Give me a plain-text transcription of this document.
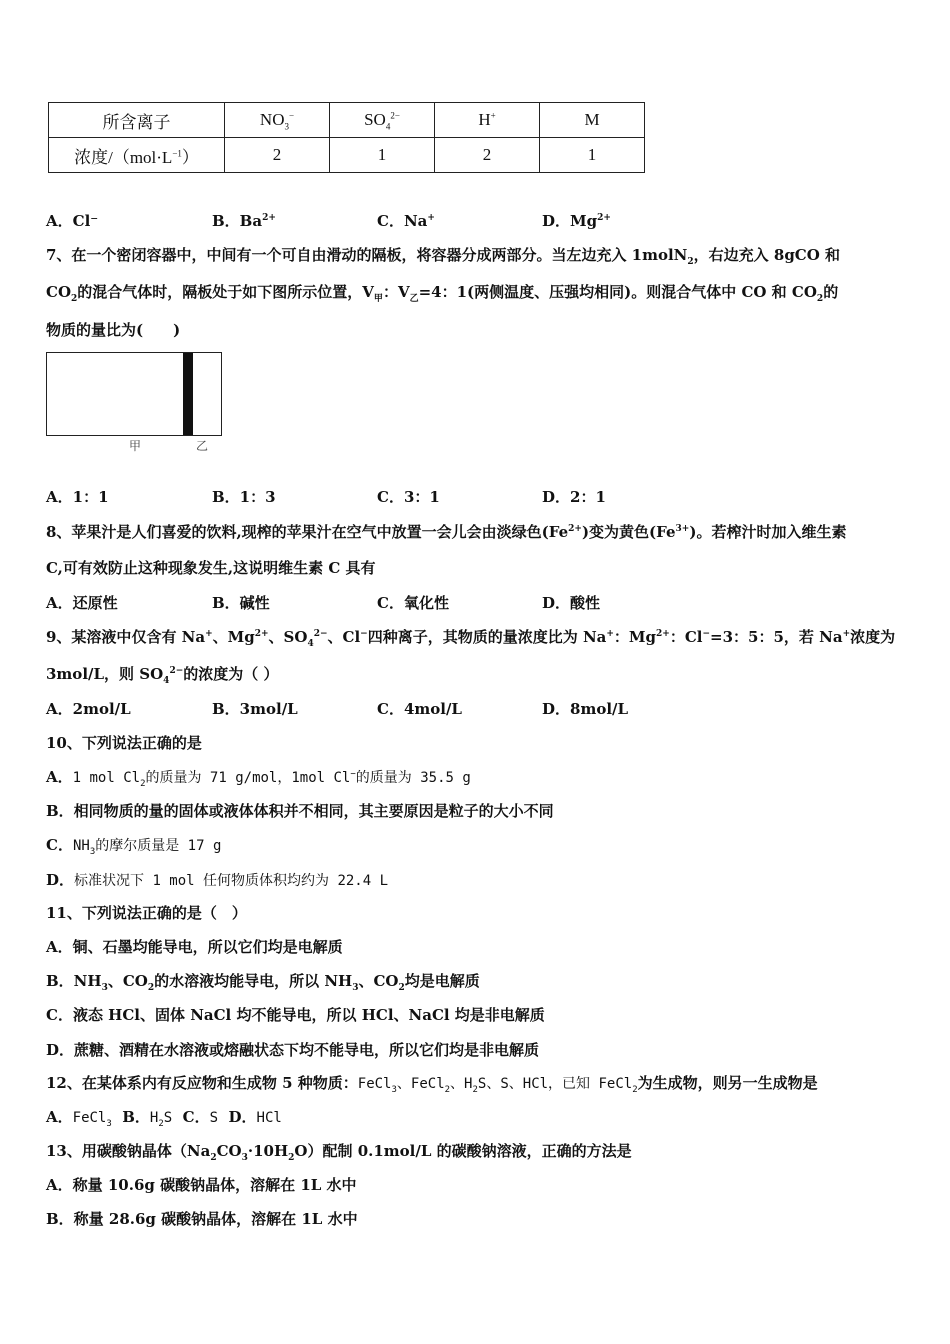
所含离子	$NO_3^-$	$SO_4^{2-}$	H+	M
浓度$/(mol\cdot L^{-1})$	2	1	2	1
A．Cl⁻	B．$Ba^{2+}$	C．Na+	D．$Mg^{2+}$
7、在一个密闭容器中，中间有一个可自由滑动的隔板，将容器分成两部分。当左边充入 1molN$_2$，右边充入 8gCO 和
$CO_2$的混合气体时，隔板处于如下图所示位置，$V_甲$：$V_乙=4$：1(两侧温度、压强均相同)。则混合气体中 CO 和 $CO_2$的
物质的量比为(　　)
甲	乙
A．1：1	B．1：3	C．3：1	D．2：1
8、苹果汁是人们喜爱的饮料,现榨的苹果汁在空气中放置一会儿会由淡绿色$(Fe^{2+})$变为黄色$(Fe^{3+})$。若榨汁时加入维生素
C,可有效防止这种现象发生,这说明维生素 C 具有
A．还原性	B．碱性	C．氧化性	D．酸性
9、某溶液中仅含有 Na+、$Mg^{2+}$、$SO_4^{2-}$、Cl−四种离子，其物质的量浓度比为 Na+：$Mg^{2+}$：Cl−=3：5：5，若 Na+浓度为
3mol/L，则 $SO_4^{2-}$的浓度为（ ）
A．2mol/L	B．3mol/L	C．4mol/L	D．8mol/L
10、下列说法正确的是
A．1 mol $Cl_2$的质量为 71 g/mol，1mol Cl−的质量为 35.5 g
B．相同物质的量的固体或液体体积并不相同，其主要原因是粒子的大小不同
C．$NH_3$的摩尔质量是 17 g
D．标准状况下 1 mol 任何物质体积均约为 22.4 L
11、下列说法正确的是（　）
A．铜、石墨均能导电，所以它们均是电解质
B．$NH_3$、$CO_2$的水溶液均能导电，所以 $NH_3$、$CO_2$均是电解质
C．液态 HCl、固体 NaCl 均不能导电，所以 HCl、NaCl 均是非电解质
D．蔗糖、酒精在水溶液或熔融状态下均不能导电，所以它们均是非电解质
12、在某体系内有反应物和生成物 5 种物质：FeCl$_3$、FeCl$_2$、$H_2S$、S、HCl，已知 FeCl$_2$为生成物，则另一生成物是
A．FeCl$_3$ B．$H_2S$ C．S D．HCl
13、用碳酸钠晶体$(Na_2CO_3\cdot 10H_2O)$配制 0.1mol/L 的碳酸钠溶液，正确的方法是
A．称量 10.6g 碳酸钠晶体，溶解在 1L 水中
B．称量 28.6g 碳酸钠晶体，溶解在 1L 水中
